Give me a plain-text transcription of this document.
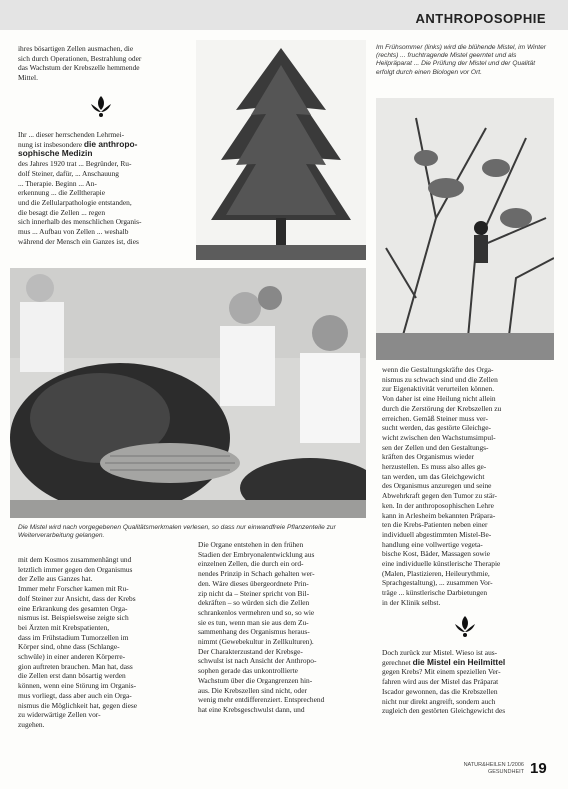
ANTHROPOSOPHIE

ihres bösartigen Zellen ausmachen, die

sich durch Operationen, Bestrahlung oder

das Wachstum der Krebszelle hemmende

Mittel.

Ihr ... dieser herrschenden Lehrmei-

nung ist insbesondere die anthropo-

sophische Medizin

des Jahres 1920 trat ... Begründer, Ru-

dolf Steiner, dafür, ... Anschauung

... Therapie. Beginn ... An-

erkennung ... die Zelltherapie

und die Zellularpathologie entstanden,

die besagt die Zellen ... regen

sich innerhalb des menschlichen Organis-

mus ... Aufbau von Zellen ... weshalb

während der Mensch ein Ganzes ist, dies

Im Frühsommer (links) wird die blühende Mistel, im Winter (rechts) ... fruchtragende Mistel geerntet und als Heilpräparat ... Die Prüfung der Mistel und der Qualität erfolgt durch einen Biologen vor Ort.
Die Mistel wird nach vorgegebenen Qualitätsmerkmalen verlesen, so dass nur einwandfreie Pflanzenteile zur Weiterverarbeitung gelangen.

wenn die Gestaltungskräfte des Orga-

nismus zu schwach sind und die Zellen

zur Eigenaktivität verurteilen können.

Von daher ist eine Heilung nicht allein

durch die Zerstörung der Krebszellen zu

erreichen. Gemäß Steiner muss ver-

sucht werden, das gestörte Gleichge-

wicht zwischen den Wachstumsimpul-

sen der Zellen und den Gestaltungs-

kräften des Organismus wieder

herzustellen. Es muss also alles ge-

tan werden, um das Gleichgewicht

des Organismus anzuregen und seine

Abwehrkraft gegen den Tumor zu stär-

ken. In der anthroposophischen Lehre

kann in Arlesheim bekannten Präpara-

ten die Krebs-Patienten neben einer

individuell abgestimmten Mistel-Be-

handlung eine vollwertige vegeta-

bische Kost, Bäder, Massagen sowie

eine individuelle künstlerische Therapie

(Malen, Plastizieren, Heileurythmie,

Sprachgestaltung), ... zusammen Vor-

träge ... künstlerische Darbietungen

in der Klinik selbst.

Doch zurück zur Mistel. Wieso ist aus-

gerechnet die Mistel ein Heilmittel

gegen Krebs? Mit einem speziellen Ver-

fahren wird aus der Mistel das Präparat

Iscador gewonnen, das die Krebszellen

nicht nur direkt angreift, sondern auch

zugleich den gestörten Gleichgewicht des

mit dem Kosmos zusammenhängt und

letztlich immer gegen den Organismus

der Zelle aus Ganzes hat.

Immer mehr Forscher kamen mit Ru-

dolf Steiner zur Ansicht, dass der Krebs

eine Erkrankung des gesamten Orga-

nismus ist. Beispielsweise zeigte sich

bei Ärzten mit Krebspatienten,

dass im Frühstadium Tumorzellen im

Körper sind, ohne dass (Schlange-

schwüle) in einer anderen Körperre-

gion auftreten brauchen. Man hat, dass

die Zellen erst dann bösartig werden

können, wenn eine Störung im Organis-

mus vorliegt, dass aber auch ein Orga-

nismus die Möglichkeit hat, gegen diese

zu widerwärtige Zellen vor-

zugehen.

Die Organe entstehen in den frühen

Stadien der Embryonalentwicklung aus

einzelnen Zellen, die durch ein ord-

nendes Prinzip in Schach gehalten wer-

den. Wäre dieses übergeordnete Prin-

zip nicht da – Steiner spricht von Bil-

dekräften – so würden sich die Zellen

schrankenlos vermehren und so, so wie

sie es tun, wenn man sie aus dem Zu-

sammenhang des Organismus heraus-

nimmt (Gewebekultur in Zellkulturen).

Der Charakterzustand der Krebsge-

schwulst ist nach Ansicht der Anthropo-

sophen gerade das unkontrollierte

Wachstum über die Organgrenzen hin-

aus. Die Krebszellen sind nicht, oder

wenig mehr entdifferenziert. Entsprechend

hat eine Krebsgeschwulst dann, und

NATUR&HEILEN 1/2006
GESUNDHEIT 19
